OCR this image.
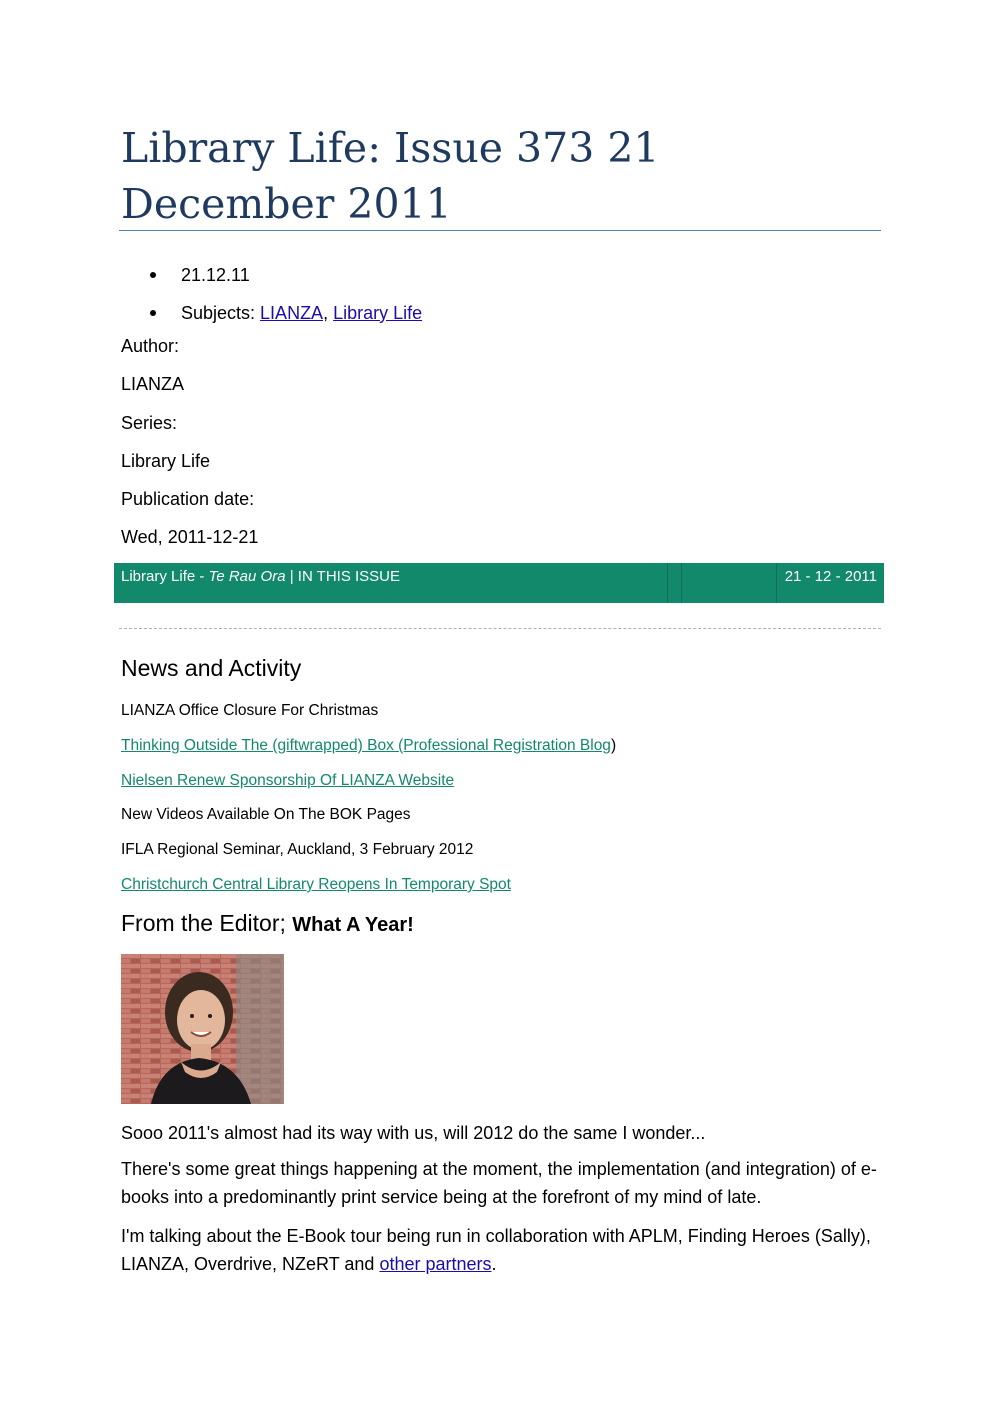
Library Life: Issue 373 21 December 2011
21.12.11
Subjects: LIANZA , Library Life
Author:
LIANZA
Series:
Library Life
Publication date:
Wed, 2011-12-21
Library Life - Te Rau Ora | IN THIS ISSUE	21 - 12 - 2011
News and Activity
LIANZA Office Closure For Christmas
Thinking Outside The (giftwrapped) Box (Professional Registration Blog)
Nielsen Renew Sponsorship Of LIANZA Website
New Videos Available On The BOK Pages
IFLA Regional Seminar, Auckland, 3 February 2012
Christchurch Central Library Reopens In Temporary Spot
From the Editor; What A Year!

Sooo 2011's almost had its way with us, will 2012 do the same I wonder...

There's some great things happening at the moment, the implementation (and integration) of e-books into a predominantly print service being at the forefront of my mind of late.

I'm talking about the E-Book tour being run in collaboration with APLM, Finding Heroes (Sally), LIANZA, Overdrive, NZeRT and other partners.
